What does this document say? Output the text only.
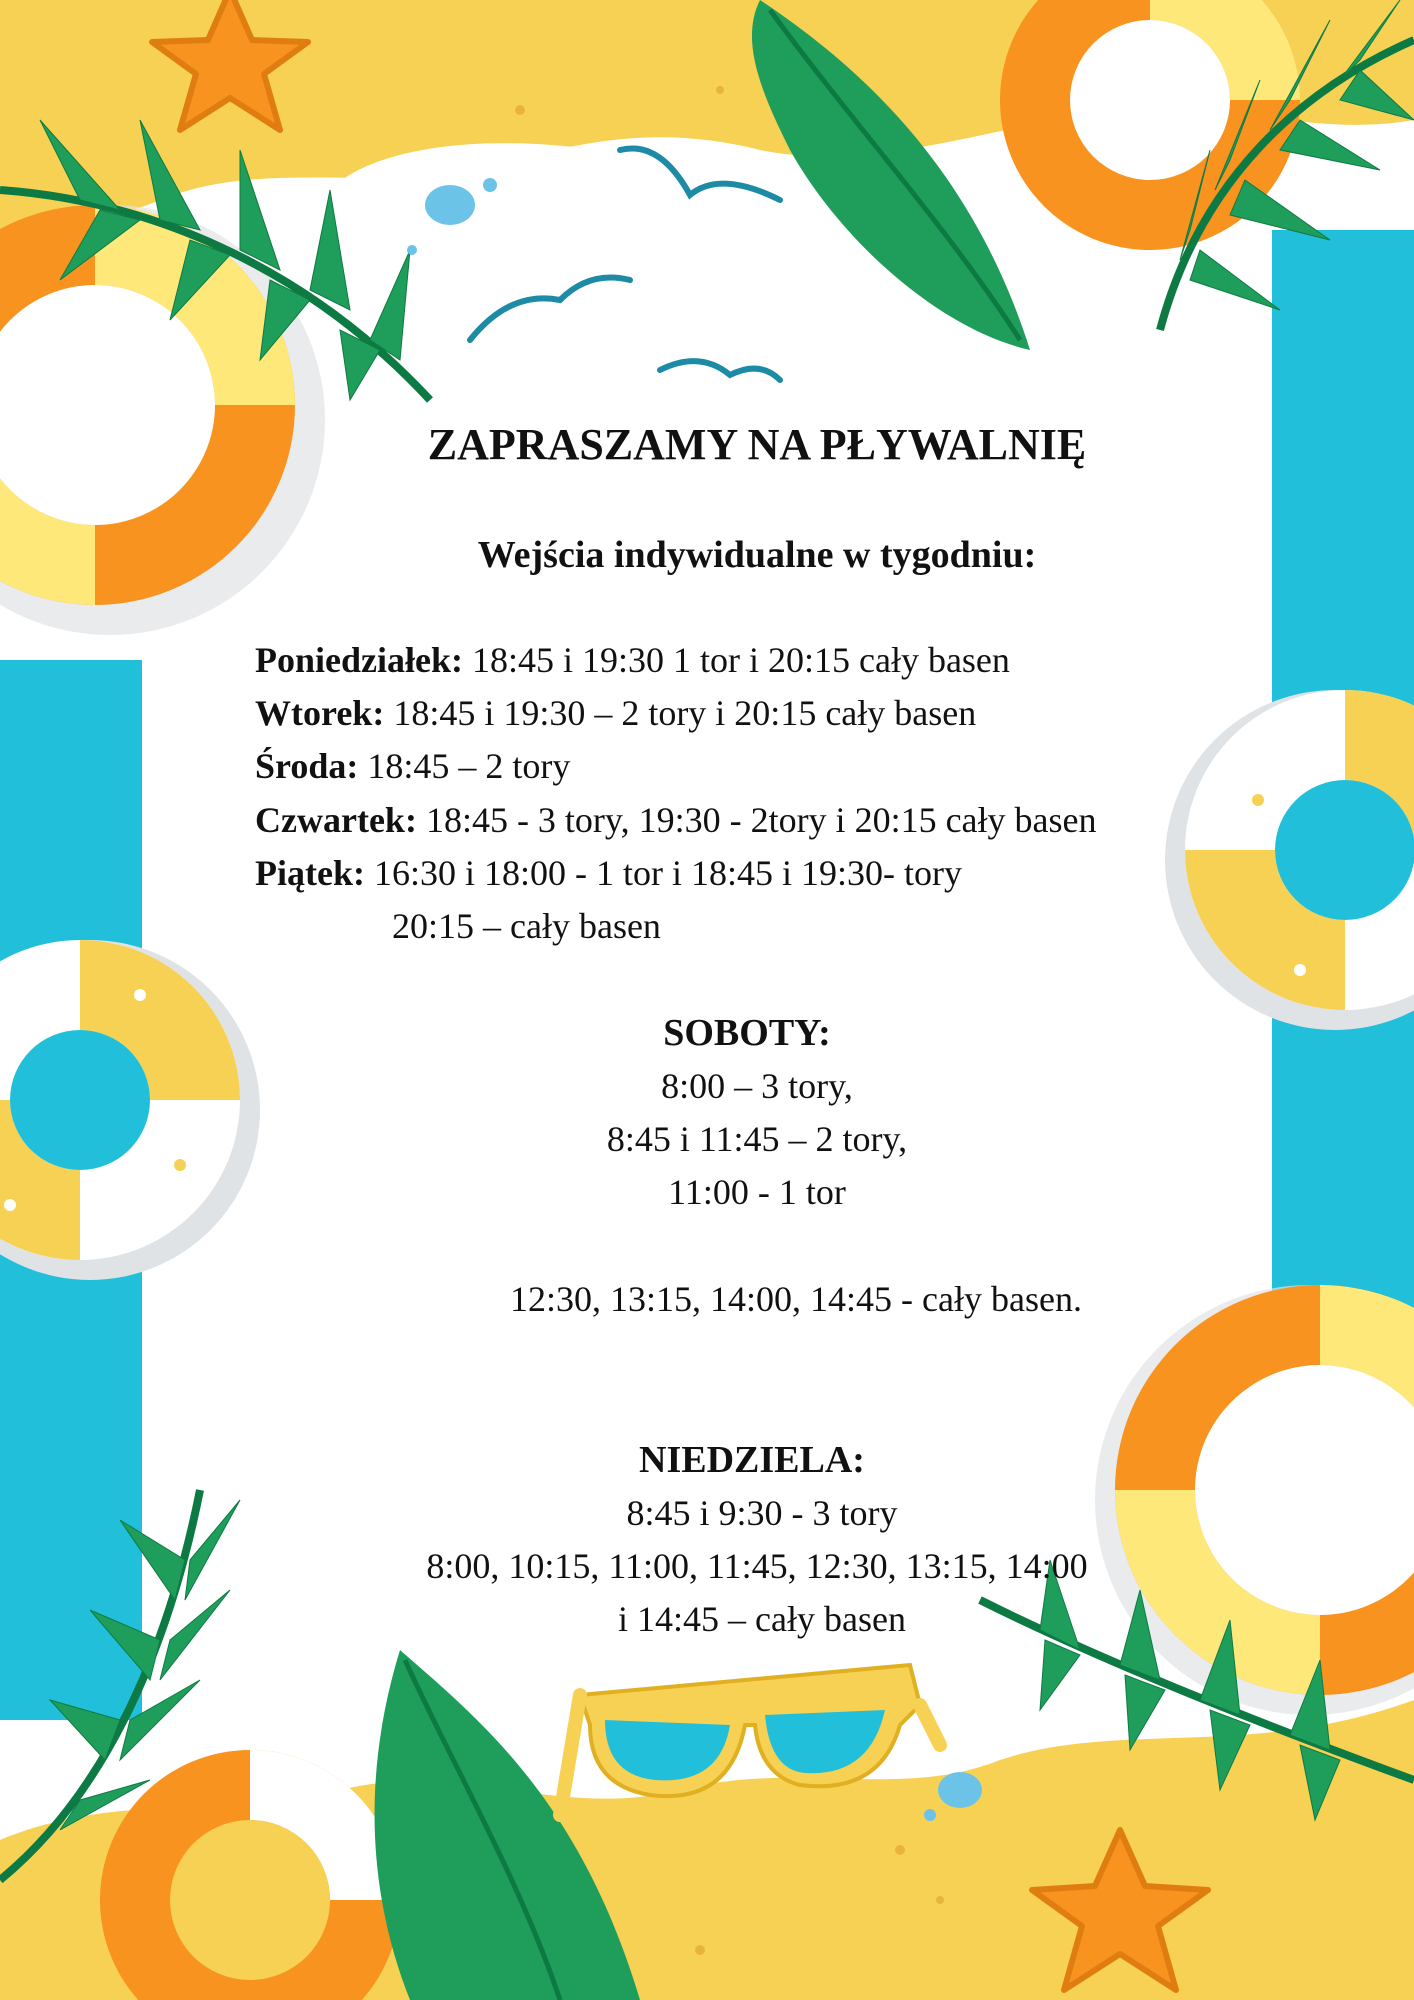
ZAPRASZAMY NA PŁYWALNIĘ
Wejścia indywidualne w tygodniu:
Poniedziałek: 18:45 i 19:30 1 tor i 20:15 cały basen
Wtorek: 18:45 i 19:30 – 2 tory i 20:15 cały basen
Środa: 18:45 – 2 tory
Czwartek: 18:45 - 3 tory, 19:30 - 2tory i 20:15 cały basen
Piątek: 16:30 i 18:00 - 1 tor i 18:45 i 19:30- tory
20:15 – cały basen
SOBOTY:
8:00 – 3 tory,
8:45 i 11:45 – 2 tory,
11:00 - 1 tor
12:30, 13:15, 14:00, 14:45 - cały basen.
NIEDZIELA:
8:45 i 9:30 - 3 tory
8:00, 10:15, 11:00, 11:45, 12:30, 13:15, 14:00
i 14:45 – cały basen
